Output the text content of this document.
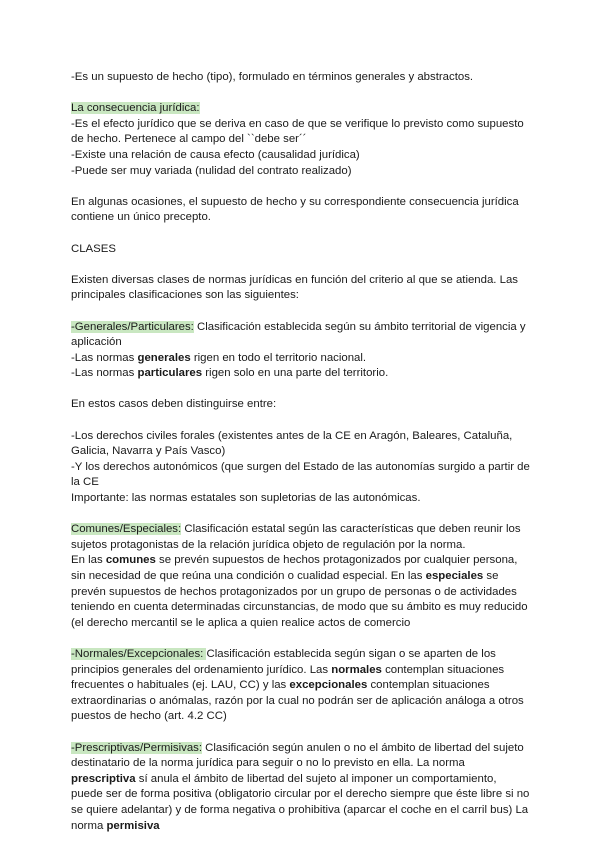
-Es un supuesto de hecho (tipo), formulado en términos generales y abstractos.

La consecuencia jurídica:

-Es el efecto jurídico que se deriva en caso de que se verifique lo previsto como supuesto de hecho. Pertenece al campo del ``debe ser´´

-Existe una relación de causa efecto (causalidad jurídica)

-Puede ser muy variada (nulidad del contrato realizado)

En algunas ocasiones, el supuesto de hecho y su correspondiente consecuencia jurídica contiene un único precepto.

CLASES

Existen diversas clases de normas jurídicas en función del criterio al que se atienda. Las principales clasificaciones son las siguientes:

-Generales/Particulares: Clasificación establecida según su ámbito territorial de vigencia y aplicación

-Las normas generales rigen en todo el territorio nacional.

-Las normas particulares rigen solo en una parte del territorio.

En estos casos deben distinguirse entre:

-Los derechos civiles forales (existentes antes de la CE en Aragón, Baleares, Cataluña, Galicia, Navarra y País Vasco)

-Y los derechos autonómicos (que surgen del Estado de las autonomías surgido a partir de la CE

Importante: las normas estatales son supletorias de las autonómicas.

Comunes/Especiales: Clasificación estatal según las características que deben reunir los sujetos protagonistas de la relación jurídica objeto de regulación por la norma.

En las comunes se prevén supuestos de hechos protagonizados por cualquier persona, sin necesidad de que reúna una condición o cualidad especial. En las especiales se prevén supuestos de hechos protagonizados por un grupo de personas o de actividades teniendo en cuenta determinadas circunstancias, de modo que su ámbito es muy reducido (el derecho mercantil se le aplica a quien realice actos de comercio

-Normales/Excepcionales: Clasificación establecida según sigan o se aparten de los principios generales del ordenamiento jurídico. Las normales contemplan situaciones frecuentes o habituales (ej. LAU, CC) y las excepcionales contemplan situaciones extraordinarias o anómalas, razón por la cual no podrán ser de aplicación análoga a otros puestos de hecho (art. 4.2 CC)

-Prescriptivas/Permisivas: Clasificación según anulen o no el ámbito de libertad del sujeto destinatario de la norma jurídica para seguir o no lo previsto en ella. La norma prescriptiva sí anula el ámbito de libertad del sujeto al imponer un comportamiento, puede ser de forma positiva (obligatorio circular por el derecho siempre que éste libre si no se quiere adelantar) y de forma negativa o prohibitiva (aparcar el coche en el carril bus) La norma permisiva
